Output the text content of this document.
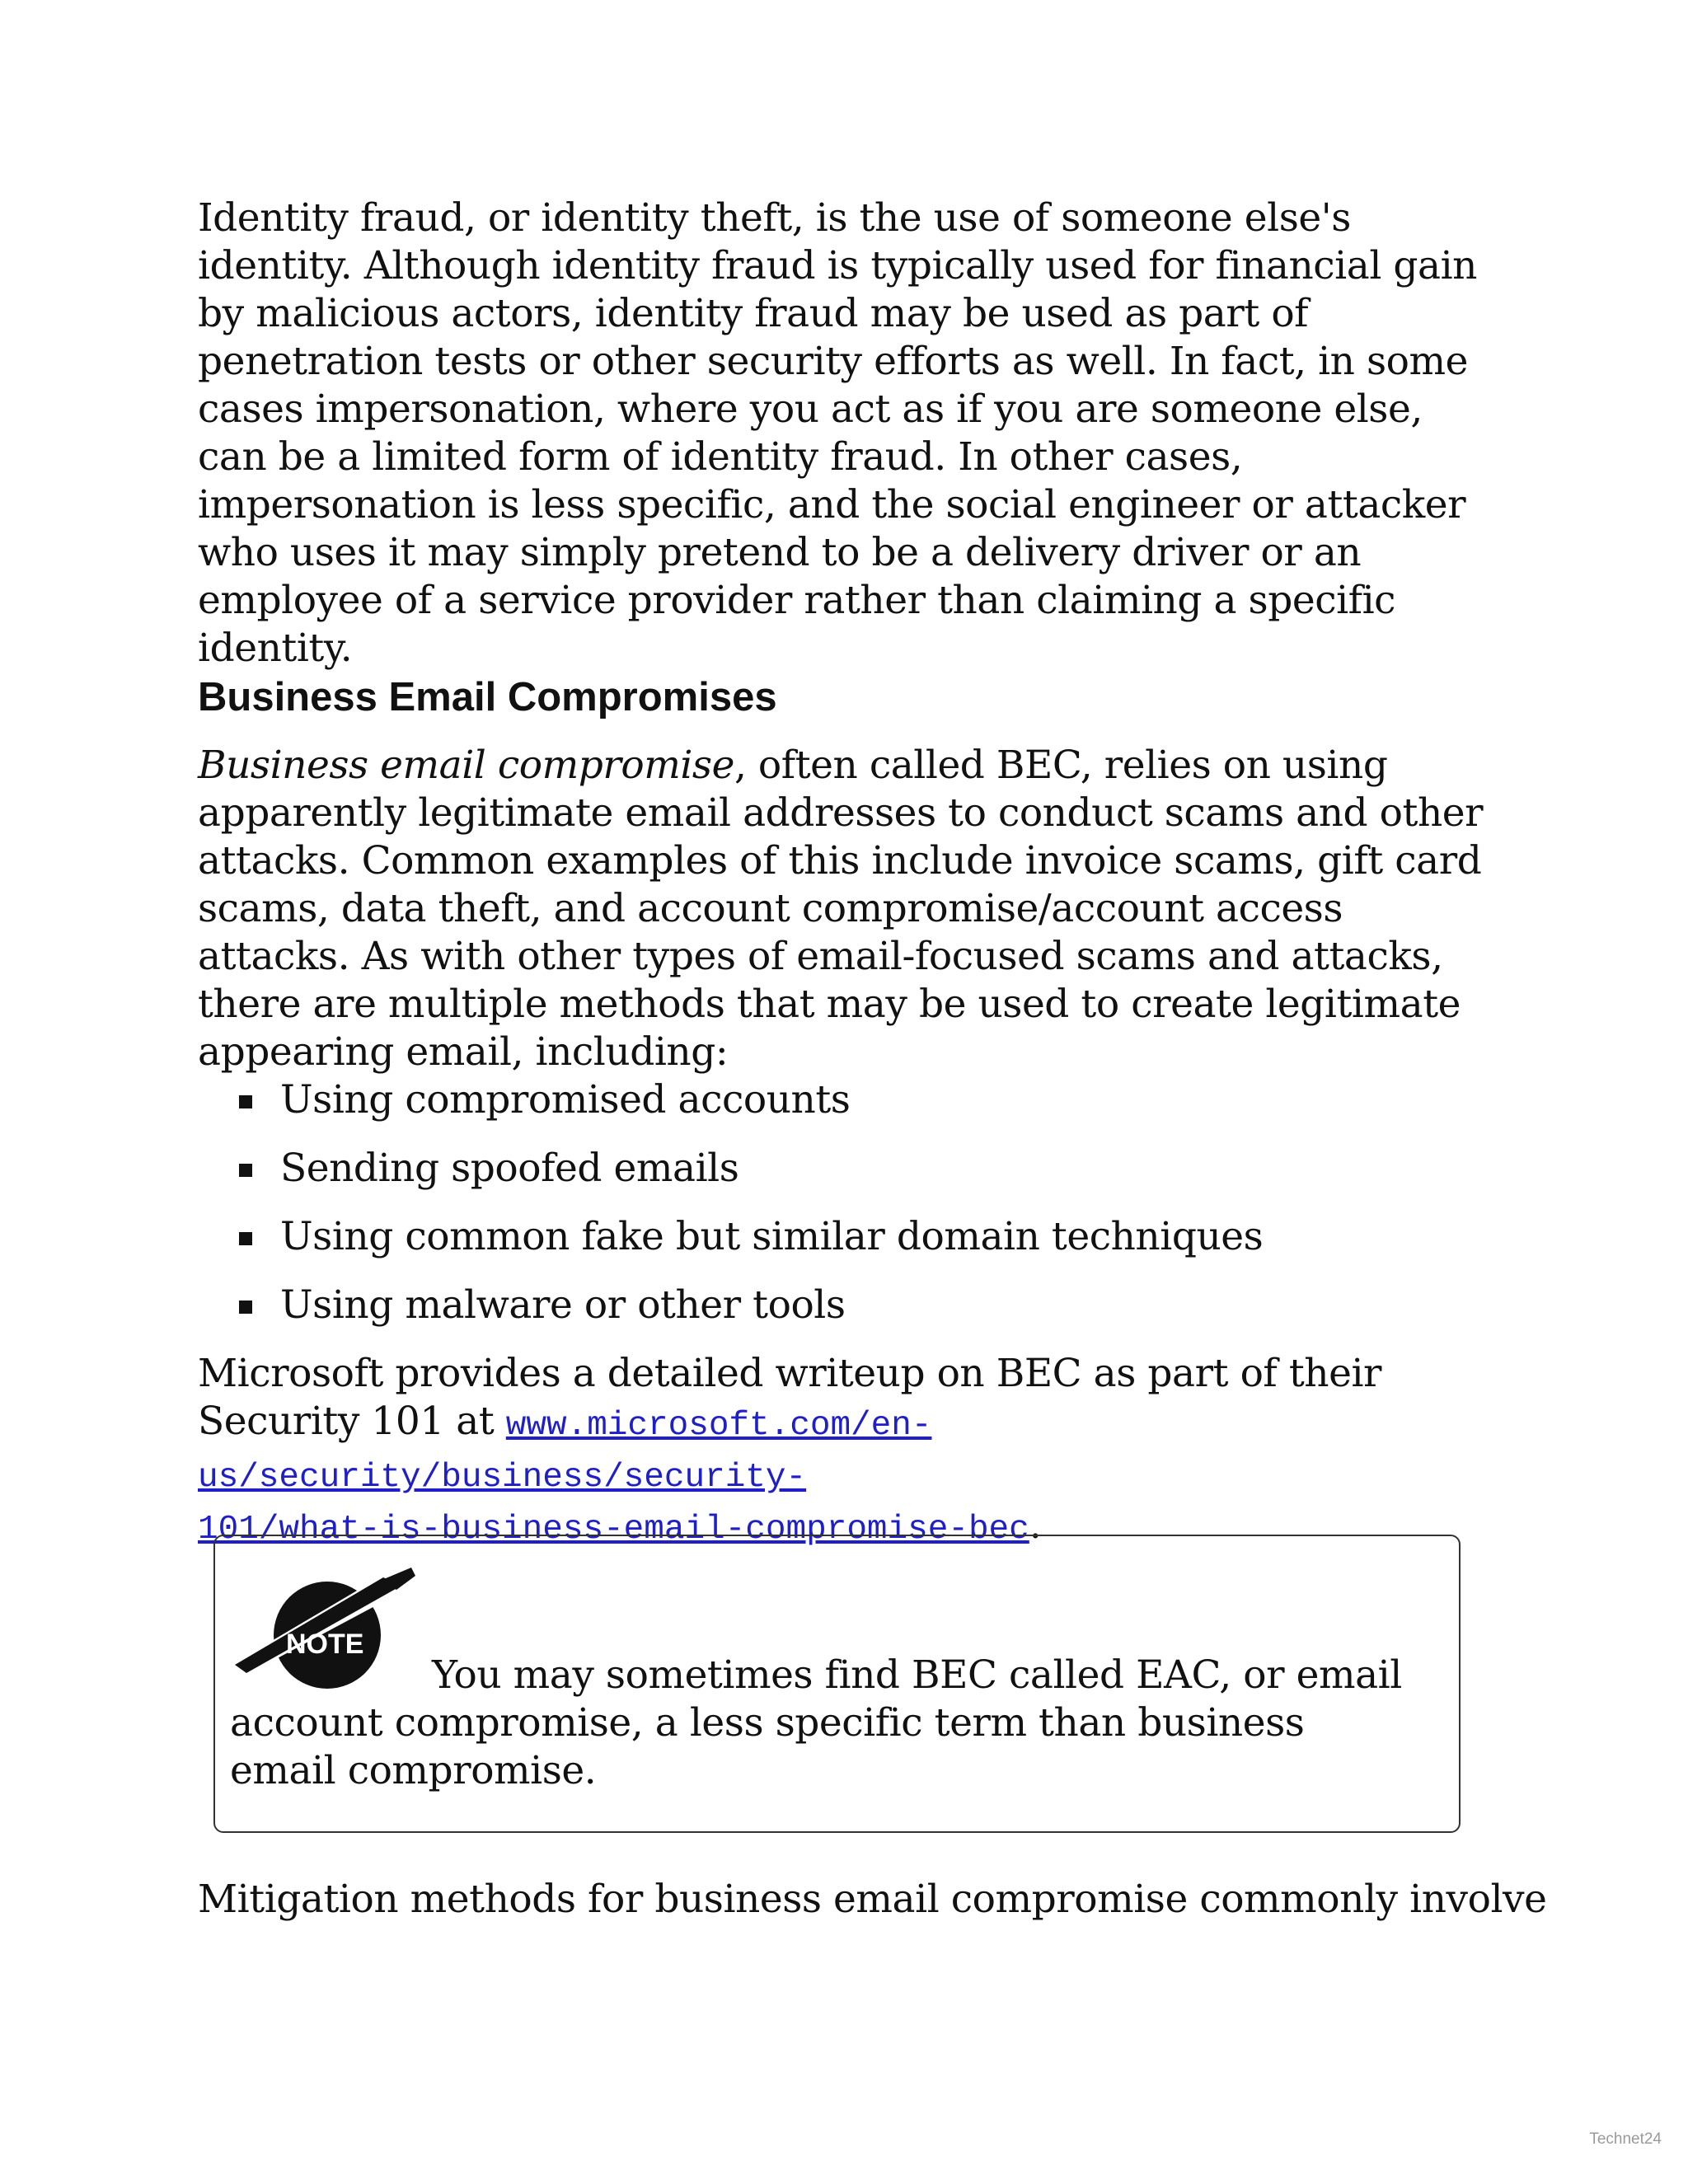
Identity fraud, or identity theft, is the use of someone else's identity. Although identity fraud is typically used for financial gain by malicious actors, identity fraud may be used as part of penetration tests or other security efforts as well. In fact, in some cases impersonation, where you act as if you are someone else, can be a limited form of identity fraud. In other cases, impersonation is less specific, and the social engineer or attacker who uses it may simply pretend to be a delivery driver or an employee of a service provider rather than claiming a specific identity.

Business Email Compromises

Business email compromise, often called BEC, relies on using apparently legitimate email addresses to conduct scams and other attacks. Common examples of this include invoice scams, gift card scams, data theft, and account compromise/account access attacks. As with other types of email-focused scams and attacks, there are multiple methods that may be used to create legitimate appearing email, including:

Using compromised accounts
Sending spoofed emails
Using common fake but similar domain techniques
Using malware or other tools

Microsoft provides a detailed writeup on BEC as part of their Security 101 at www.microsoft.com/en-us/security/business/security-
101/what-is-business-email-compromise-bec.

NOTE

You may sometimes find BEC called EAC, or email account compromise, a less specific term than business email compromise.

Mitigation methods for business email compromise commonly involve

Technet24
